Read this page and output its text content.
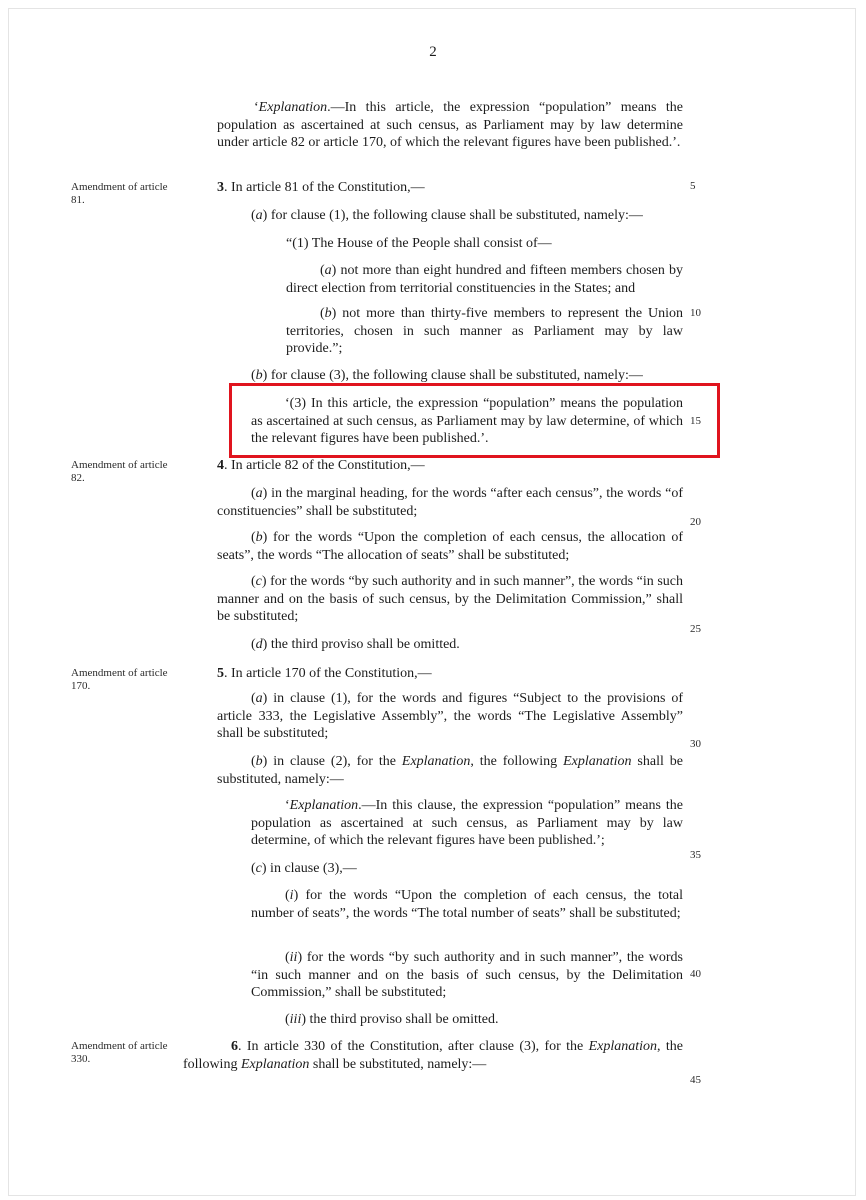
2
Amendment of article 81.
Amendment of article 82.
Amendment of article 170.
Amendment of article 330.
5
10
15
20
25
30
35
40
45

‘Explanation.—In this article, the expression “population” means the population as ascertained at such census, as Parliament may by law determine under article 82 or article 170, of which the relevant figures have been published.’.

3. In article 81 of the Constitution,—

(a) for clause (1), the following clause shall be substituted, namely:—

“(1) The House of the People shall consist of—

(a) not more than eight hundred and fifteen members chosen by direct election from territorial constituencies in the States; and

(b) not more than thirty-five members to represent the Union territories, chosen in such manner as Parliament may by law provide.”;

(b) for clause (3), the following clause shall be substituted, namely:—

‘(3) In this article, the expression “population” means the population as ascertained at such census, as Parliament may by law determine, of which the relevant figures have been published.’.

4. In article 82 of the Constitution,—

(a) in the marginal heading, for the words “after each census”, the words “of constituencies” shall be substituted;

(b) for the words “Upon the completion of each census, the allocation of seats”, the words “The allocation of seats” shall be substituted;

(c) for the words “by such authority and in such manner”, the words “in such manner and on the basis of such census, by the Delimitation Commission,” shall be substituted;

(d) the third proviso shall be omitted.

5. In article 170 of the Constitution,—

(a) in clause (1), for the words and figures “Subject to the provisions of article 333, the Legislative Assembly”, the words “The Legislative Assembly” shall be substituted;

(b) in clause (2), for the Explanation, the following Explanation shall be substituted, namely:—

‘Explanation.—In this clause, the expression “population” means the population as ascertained at such census, as Parliament may by law determine, of which the relevant figures have been published.’;

(c) in clause (3),—

(i) for the words “Upon the completion of each census, the total number of seats”, the words “The total number of seats” shall be substituted;

(ii) for the words “by such authority and in such manner”, the words “in such manner and on the basis of such census, by the Delimitation Commission,” shall be substituted;

(iii) the third proviso shall be omitted.

6. In article 330 of the Constitution, after clause (3), for the Explanation, the following Explanation shall be substituted, namely:—
